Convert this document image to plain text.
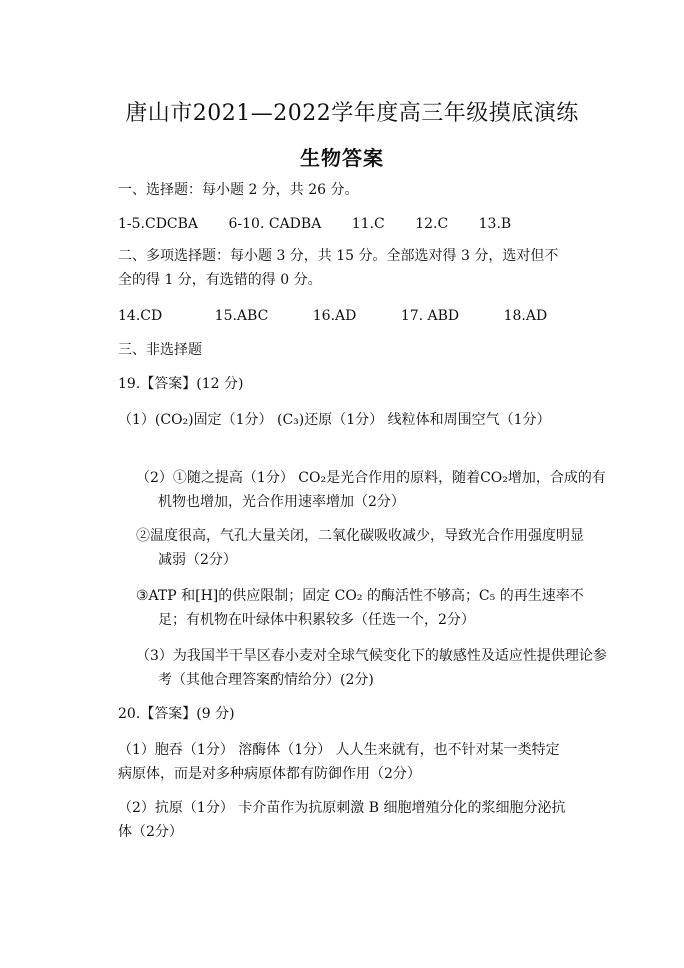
唐山市2021—2022学年度高三年级摸底演练
生物答案
一、选择题：每小题 2 分，共 26 分。
1-5.CDCBA 6-10. CADBA 11.C 12.C 13.B
二、多项选择题：每小题 3 分，共 15 分。全部选对得 3 分，选对但不全的得 1 分，有选错的得 0 分。
14.CD	15.ABC	16.AD	17. ABD	18.AD
三、非选择题
19.【答案】(12 分)
（1）(CO₂)固定（1分） (C₃)还原（1分） 线粒体和周围空气（1分）
（2）①随之提高（1分） CO₂是光合作用的原料，随着CO₂增加，合成的有机物也增加，光合作用速率增加（2分）
②温度很高，气孔大量关闭，二氧化碳吸收减少，导致光合作用强度明显减弱（2分）
③ATP 和[H]的供应限制；固定 CO₂ 的酶活性不够高；C₅ 的再生速率不足；有机物在叶绿体中积累较多（任选一个，2分）
（3）为我国半干旱区春小麦对全球气候变化下的敏感性及适应性提供理论参考（其他合理答案酌情给分）(2分)
20.【答案】(9 分)
（1）胞吞（1分） 溶酶体（1分） 人人生来就有，也不针对某一类特定病原体，而是对多种病原体都有防御作用（2分）
（2）抗原（1分） 卡介苗作为抗原刺激 B 细胞增殖分化的浆细胞分泌抗体（2分）
